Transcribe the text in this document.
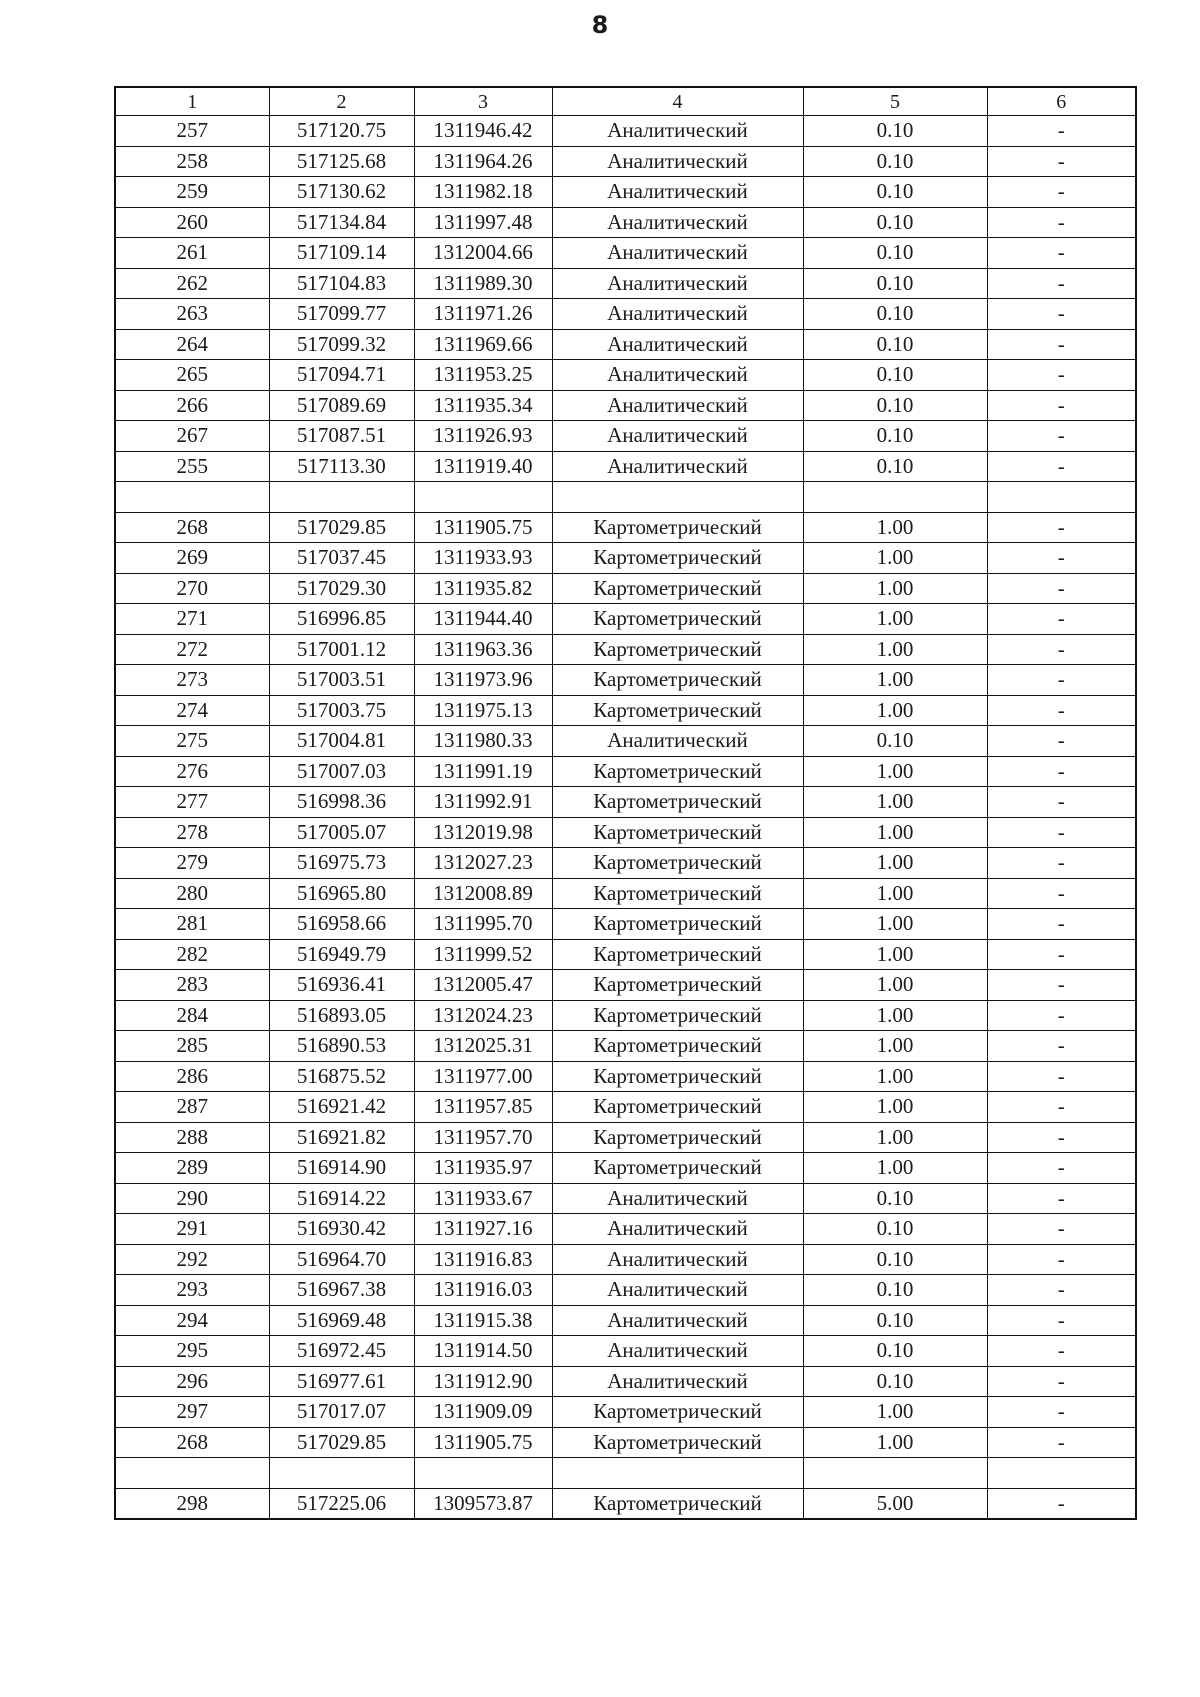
8
1	2	3	4	5	6
257	517120.75	1311946.42	Аналитический	0.10	-
258	517125.68	1311964.26	Аналитический	0.10	-
259	517130.62	1311982.18	Аналитический	0.10	-
260	517134.84	1311997.48	Аналитический	0.10	-
261	517109.14	1312004.66	Аналитический	0.10	-
262	517104.83	1311989.30	Аналитический	0.10	-
263	517099.77	1311971.26	Аналитический	0.10	-
264	517099.32	1311969.66	Аналитический	0.10	-
265	517094.71	1311953.25	Аналитический	0.10	-
266	517089.69	1311935.34	Аналитический	0.10	-
267	517087.51	1311926.93	Аналитический	0.10	-
255	517113.30	1311919.40	Аналитический	0.10	-

268	517029.85	1311905.75	Картометрический	1.00	-
269	517037.45	1311933.93	Картометрический	1.00	-
270	517029.30	1311935.82	Картометрический	1.00	-
271	516996.85	1311944.40	Картометрический	1.00	-
272	517001.12	1311963.36	Картометрический	1.00	-
273	517003.51	1311973.96	Картометрический	1.00	-
274	517003.75	1311975.13	Картометрический	1.00	-
275	517004.81	1311980.33	Аналитический	0.10	-
276	517007.03	1311991.19	Картометрический	1.00	-
277	516998.36	1311992.91	Картометрический	1.00	-
278	517005.07	1312019.98	Картометрический	1.00	-
279	516975.73	1312027.23	Картометрический	1.00	-
280	516965.80	1312008.89	Картометрический	1.00	-
281	516958.66	1311995.70	Картометрический	1.00	-
282	516949.79	1311999.52	Картометрический	1.00	-
283	516936.41	1312005.47	Картометрический	1.00	-
284	516893.05	1312024.23	Картометрический	1.00	-
285	516890.53	1312025.31	Картометрический	1.00	-
286	516875.52	1311977.00	Картометрический	1.00	-
287	516921.42	1311957.85	Картометрический	1.00	-
288	516921.82	1311957.70	Картометрический	1.00	-
289	516914.90	1311935.97	Картометрический	1.00	-
290	516914.22	1311933.67	Аналитический	0.10	-
291	516930.42	1311927.16	Аналитический	0.10	-
292	516964.70	1311916.83	Аналитический	0.10	-
293	516967.38	1311916.03	Аналитический	0.10	-
294	516969.48	1311915.38	Аналитический	0.10	-
295	516972.45	1311914.50	Аналитический	0.10	-
296	516977.61	1311912.90	Аналитический	0.10	-
297	517017.07	1311909.09	Картометрический	1.00	-
268	517029.85	1311905.75	Картометрический	1.00	-

298	517225.06	1309573.87	Картометрический	5.00	-
